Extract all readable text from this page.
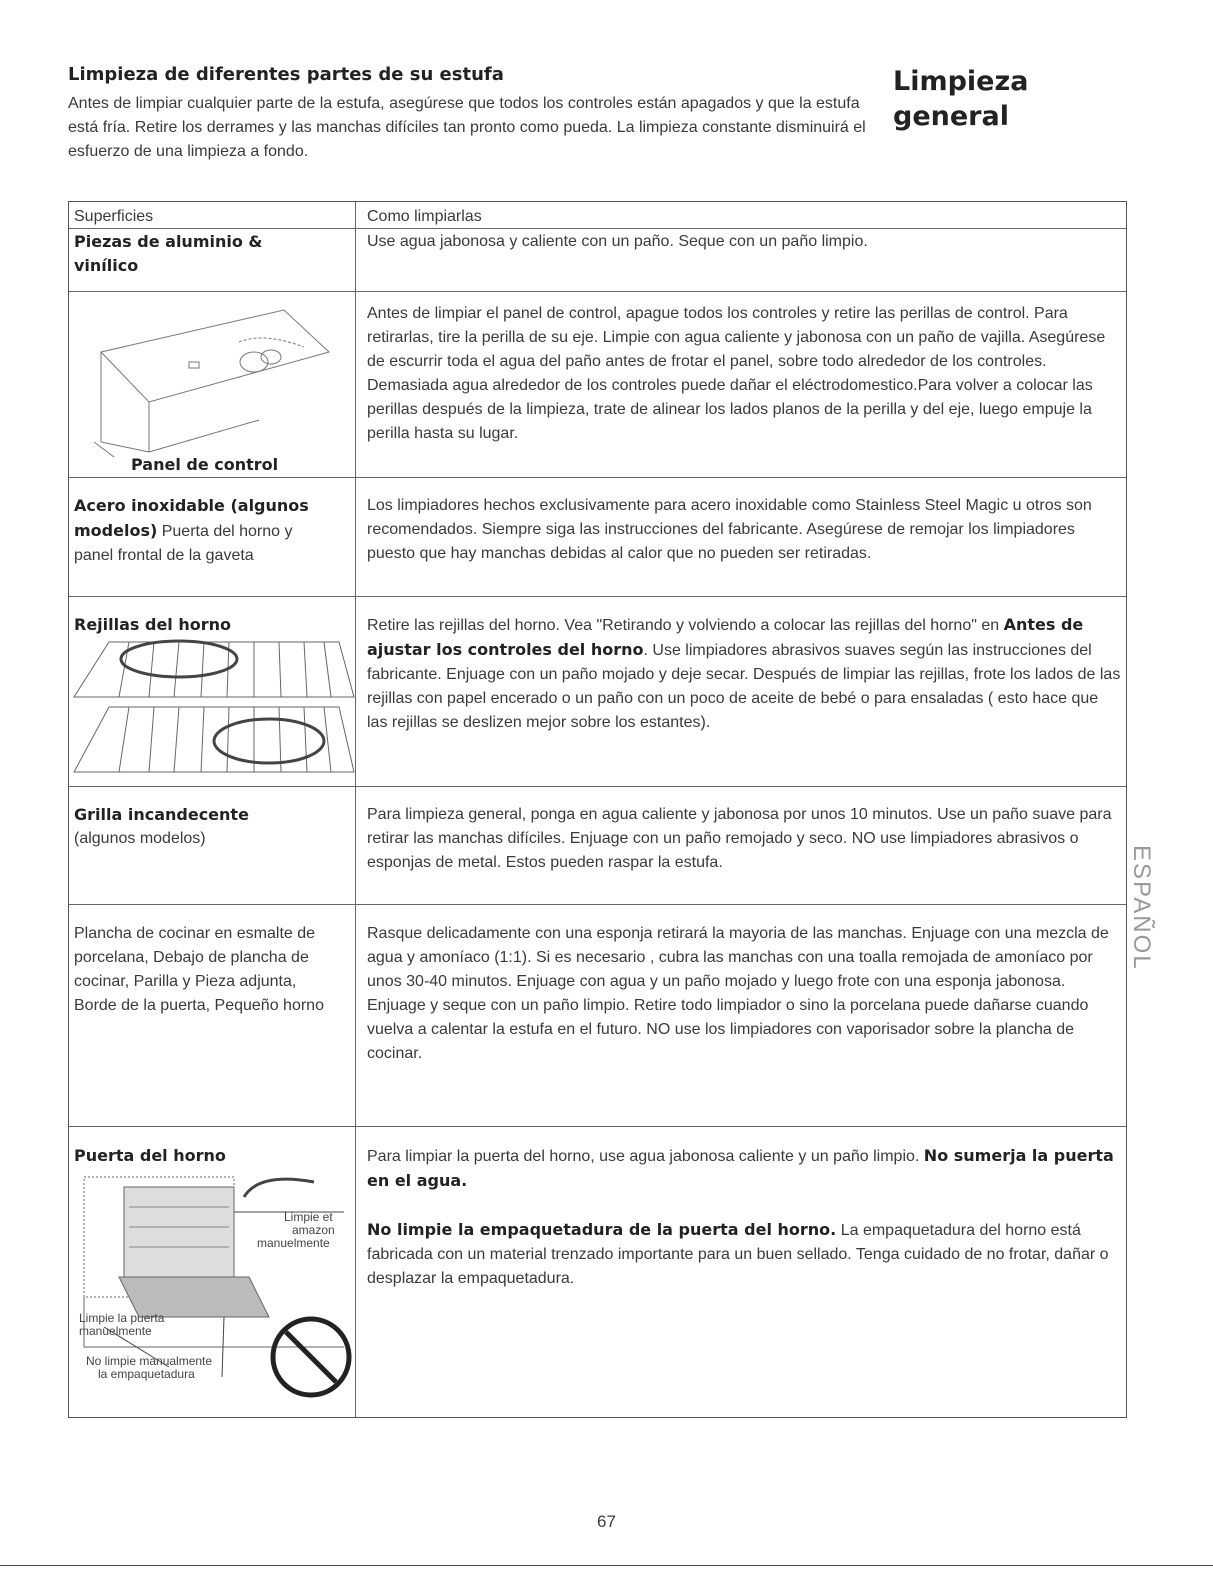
Limpieza de diferentes partes de su estufa
Antes de limpiar cualquier parte de la estufa, asegúrese que todos los controles están apagados y que la estufa está fría. Retire los derrames y las manchas difíciles tan pronto como pueda. La limpieza constante disminuirá el esfuerzo de una limpieza a fondo.
Limpieza
general
Superficies	Como limpiarlas
Piezas de aluminio & vinílico
Use agua jabonosa y caliente con un paño. Seque con un paño limpio.
Panel de control
Antes de limpiar el panel de control, apague todos los controles y retire las perillas de control. Para retirarlas, tire la perilla de su eje. Limpie con agua caliente y jabonosa con un paño de vajilla. Asegúrese de escurrir toda el agua del paño antes de frotar el panel, sobre todo alrededor de los controles. Demasiada agua alrededor de los controles puede dañar el eléctrodomestico.Para volver a colocar las perillas después de la limpieza, trate de alinear los lados planos de la perilla y del eje, luego empuje la perilla hasta su lugar.
Acero inoxidable (algunos modelos) Puerta del horno y panel frontal de la gaveta
Los limpiadores hechos exclusivamente para acero inoxidable como Stainless Steel Magic u otros son recomendados. Siempre siga las instrucciones del fabricante. Asegúrese de remojar los limpiadores puesto que hay manchas debidas al calor que no pueden ser retiradas.
Rejillas del horno	Retire las rejillas del horno. Vea "Retirando y volviendo a colocar las rejillas del horno" en Antes de ajustar los controles del horno. Use limpiadores abrasivos suaves según las instrucciones del fabricante. Enjuage con un paño mojado y deje secar. Después de limpiar las rejillas, frote los lados de las rejillas con papel encerado o un paño con un poco de aceite de bebé o para ensaladas ( esto hace que las rejillas se deslizen mejor sobre los estantes).
Grilla incandecente
(algunos modelos)
Para limpieza general, ponga en agua caliente y jabonosa por unos 10 minutos. Use un paño suave para retirar las manchas difíciles. Enjuage con un paño remojado y seco. NO use limpiadores abrasivos o esponjas de metal. Estos pueden raspar la estufa.
Plancha de cocinar en esmalte de porcelana, Debajo de plancha de cocinar, Parilla y Pieza adjunta, Borde de la puerta, Pequeño horno
Rasque delicadamente con una esponja retirará la mayoria de las manchas. Enjuage con una mezcla de agua y amoníaco (1:1). Si es necesario , cubra las manchas con una toalla remojada de amoníaco por unos 30-40 minutos. Enjuage con agua y un paño mojado y luego frote con una esponja jabonosa. Enjuage y seque con un paño limpio. Retire todo limpiador o sino la porcelana puede dañarse cuando vuelva a calentar la estufa en el futuro. NO use los limpiadores con vaporisador sobre la plancha de cocinar.
Puerta del horno
Limpie et
amazon
manuelmente
Limpie la puerta
manuelmente
No limpie manualmente
la empaquetadura

Para limpiar la puerta del horno, use agua jabonosa caliente y un paño limpio. No sumerja la puerta en el agua.

No limpie la empaquetadura de la puerta del horno. La empaquetadura del horno está fabricada con un material trenzado importante para un buen sellado. Tenga cuidado de no frotar, dañar o desplazar la empaquetadura.

ESPAÑOL
67
